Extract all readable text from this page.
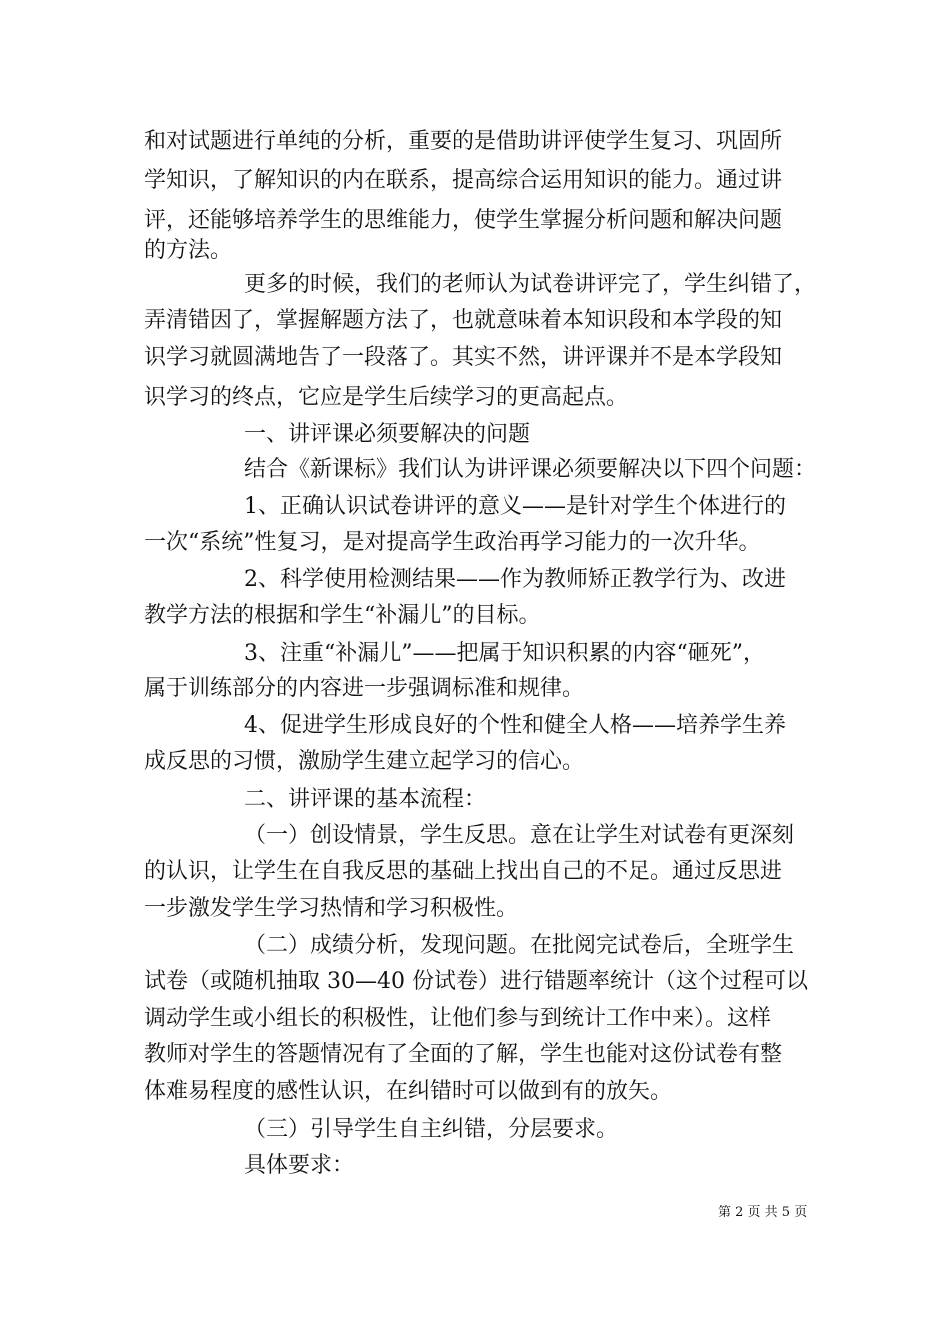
和对试题进行单纯的分析，重要的是借助讲评使学生复习、巩固所
学知识，了解知识的内在联系，提高综合运用知识的能力。通过讲
评，还能够培养学生的思维能力，使学生掌握分析问题和解决问题
的方法。
更多的时候，我们的老师认为试卷讲评完了，学生纠错了，
弄清错因了，掌握解题方法了，也就意味着本知识段和本学段的知
识学习就圆满地告了一段落了。其实不然，讲评课并不是本学段知
识学习的终点，它应是学生后续学习的更高起点。
一、讲评课必须要解决的问题
结合《新课标》我们认为讲评课必须要解决以下四个问题：
1、正确认识试卷讲评的意义——是针对学生个体进行的
一次“系统”性复习，是对提高学生政治再学习能力的一次升华。
2、科学使用检测结果——作为教师矫正教学行为、改进
教学方法的根据和学生“补漏儿”的目标。
3、注重“补漏儿”——把属于知识积累的内容“砸死”，
属于训练部分的内容进一步强调标准和规律。
4、促进学生形成良好的个性和健全人格——培养学生养
成反思的习惯，激励学生建立起学习的信心。
二、讲评课的基本流程：
（一）创设情景，学生反思。意在让学生对试卷有更深刻
的认识，让学生在自我反思的基础上找出自己的不足。通过反思进
一步激发学生学习热情和学习积极性。
（二）成绩分析，发现问题。在批阅完试卷后，全班学生
试卷（或随机抽取 30—40 份试卷）进行错题率统计（这个过程可以
调动学生或小组长的积极性，让他们参与到统计工作中来）。这样
教师对学生的答题情况有了全面的了解，学生也能对这份试卷有整
体难易程度的感性认识，在纠错时可以做到有的放矢。
（三）引导学生自主纠错，分层要求。
具体要求：
第 2 页 共 5 页
